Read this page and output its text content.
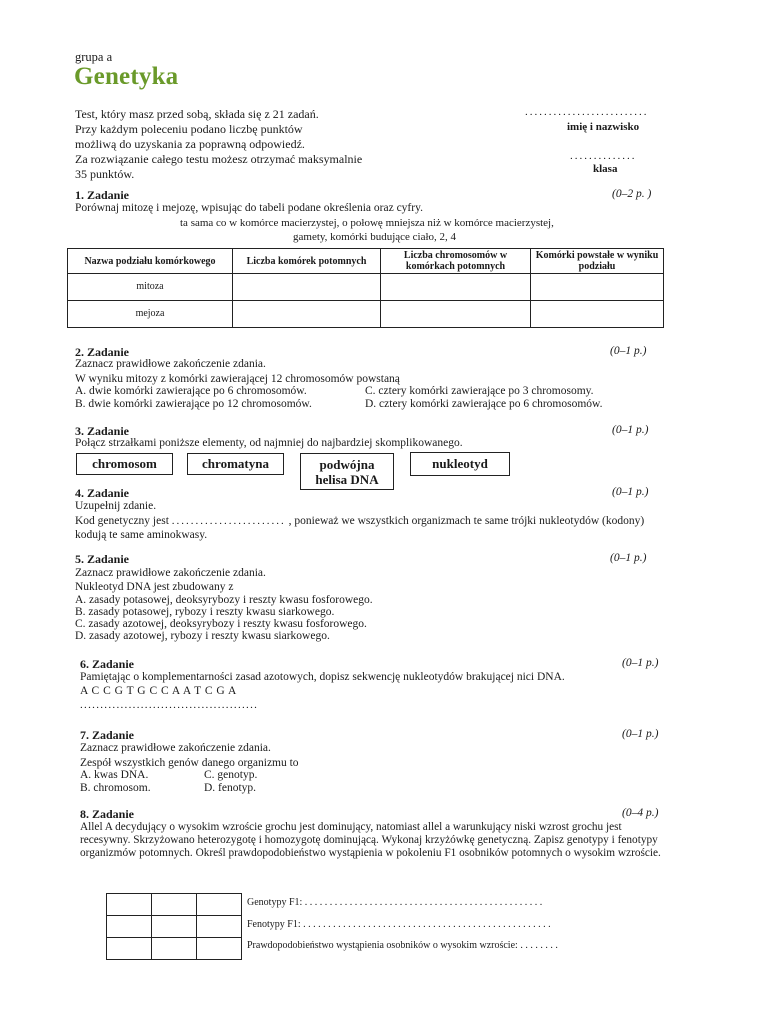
grupa a
Genetyka
Test, który masz przed sobą, składa się z 21 zadań.
Przy każdym poleceniu podano liczbę punktów
możliwą do uzyskania za poprawną odpowiedź.
Za rozwiązanie całego testu możesz otrzymać maksymalnie
35 punktów.
..........................
imię i nazwisko
..............
klasa
1. Zadanie	(0–2 p. )
Porównaj mitozę i mejozę, wpisując do tabeli podane określenia oraz cyfry.
ta sama co w komórce macierzystej, o połowę mniejsza niż w komórce macierzystej,
gamety, komórki budujące ciało, 2, 4
Nazwa podziału komórkowego	Liczba komórek potomnych	Liczba chromosomów w komórkach potomnych	Komórki powstałe w wyniku podziału
mitoza			
mejoza			
2. Zadanie	(0–1 p.)
Zaznacz prawidłowe zakończenie zdania.
W wyniku mitozy z komórki zawierającej 12 chromosomów powstaną
A. dwie komórki zawierające po 6 chromosomów.	C. cztery komórki zawierające po 3 chromosomy.
B. dwie komórki zawierające po 12 chromosomów.	D. cztery komórki zawierające po 6 chromosomów.
3. Zadanie	(0–1 p.)
Połącz strzałkami poniższe elementy, od najmniej do najbardziej skomplikowanego.
chromosom	chromatyna	podwójna
helisa DNA
nukleotyd
4. Zadanie	(0–1 p.)
Uzupełnij zdanie.
Kod genetyczny jest ........................ , ponieważ we wszystkich organizmach te same trójki nukleotydów (kodony)
kodują te same aminokwasy.
5. Zadanie	(0–1 p.)
Zaznacz prawidłowe zakończenie zdania.
Nukleotyd DNA jest zbudowany z
A. zasady potasowej, deoksyrybozy i reszty kwasu fosforowego.
B. zasady potasowej, rybozy i reszty kwasu siarkowego.
C. zasady azotowej, deoksyrybozy i reszty kwasu fosforowego.
D. zasady azotowej, rybozy i reszty kwasu siarkowego.
6. Zadanie	(0–1 p.)
Pamiętając o komplementarności zasad azotowych, dopisz sekwencję nukleotydów brakującej nici DNA.
A C C G T G C C A A T C G A
............................................
7. Zadanie	(0–1 p.)
Zaznacz prawidłowe zakończenie zdania.
Zespół wszystkich genów danego organizmu to
A. kwas DNA.	C. genotyp.
B. chromosom.	D. fenotyp.
8. Zadanie	(0–4 p.)
Allel A decydujący o wysokim wzroście grochu jest dominujący, natomiast allel a warunkujący niski wzrost grochu jest
recesywny. Skrzyżowano heterozygotę i homozygotę dominującą. Wykonaj krzyżówkę genetyczną. Zapisz genotypy i fenotypy
organizmów potomnych. Określ prawdopodobieństwo wystąpienia w pokoleniu F1 osobników potomnych o wysokim wzroście.

Genotypy F1: . . . . . . . . . . . . . . . . . . . . . . . . . . . . . . . . . . . . . . . . . . . . . . . .
Fenotypy F1: . . . . . . . . . . . . . . . . . . . . . . . . . . . . . . . . . . . . . . . . . . . . . . . . . .
Prawdopodobieństwo wystąpienia osobników o wysokim wzroście: . . . . . . . .
